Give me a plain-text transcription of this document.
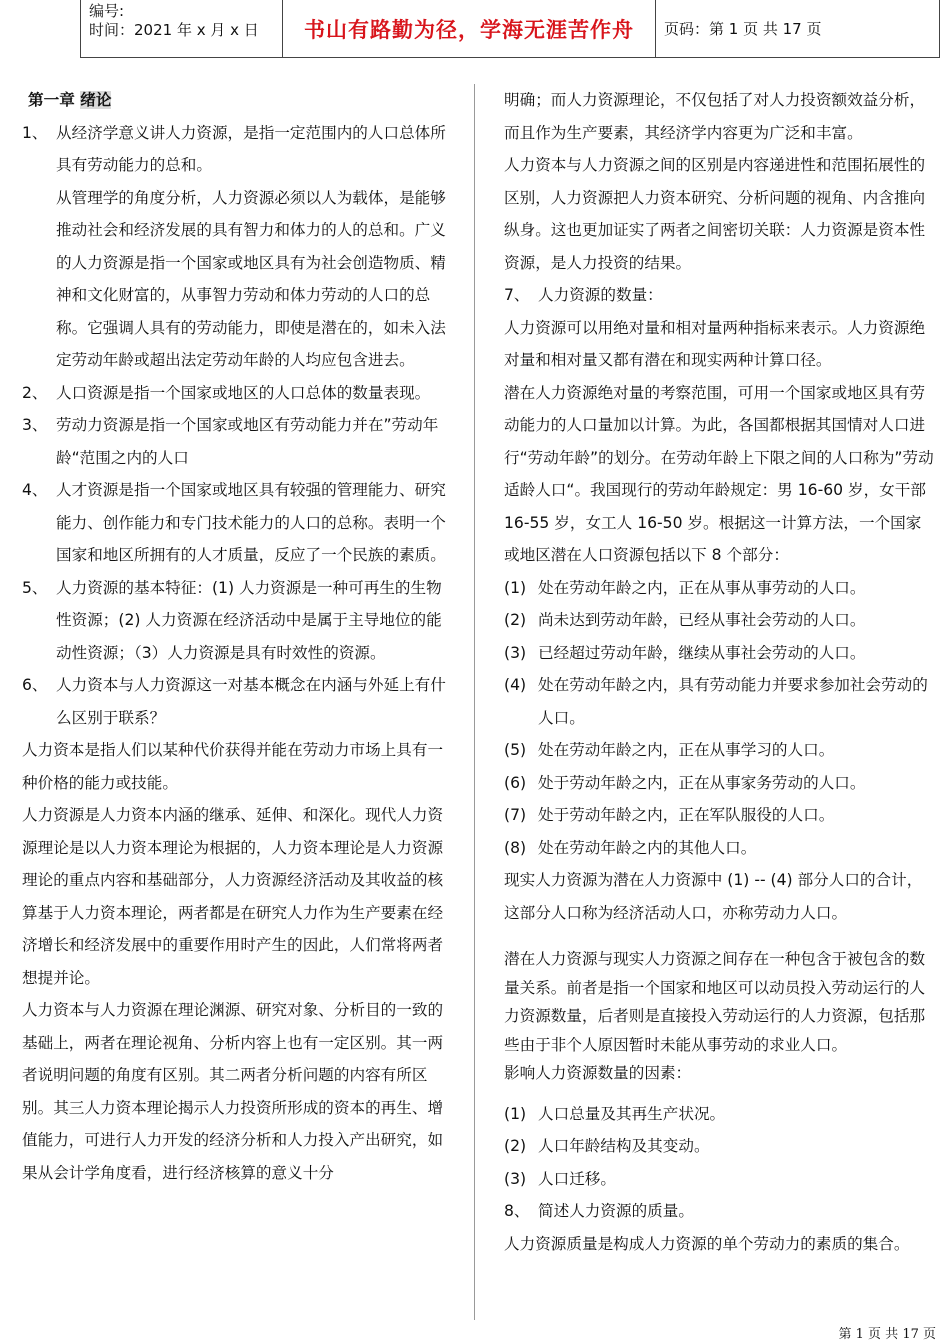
编号:
时间：2021 年 x 月 x 日	书山有路勤为径，学海无涯苦作舟	页码：第 1 页 共 17 页

第一章 绪论

1、 从经济学意义讲人力资源，是指一定范围内的人口总体所具有劳动能力的总和。

从管理学的角度分析，人力资源必须以人为载体，是能够推动社会和经济发展的具有智力和体力的人的总和。广义的人力资源是指一个国家或地区具有为社会创造物质、精神和文化财富的，从事智力劳动和体力劳动的人口的总称。它强调人具有的劳动能力，即使是潜在的，如未入法定劳动年龄或超出法定劳动年龄的人均应包含进去。

2、 人口资源是指一个国家或地区的人口总体的数量表现。
3、 劳动力资源是指一个国家或地区有劳动能力并在”劳动年龄“范围之内的人口
4、 人才资源是指一个国家或地区具有较强的管理能力、研究能力、创作能力和专门技术能力的人口的总称。表明一个国家和地区所拥有的人才质量，反应了一个民族的素质。
5、 人力资源的基本特征：(1) 人力资源是一种可再生的生物性资源；(2) 人力资源在经济活动中是属于主导地位的能动性资源；（3）人力资源是具有时效性的资源。
6、 人力资本与人力资源这一对基本概念在内涵与外延上有什么区别于联系？

人力资本是指人们以某种代价获得并能在劳动力市场上具有一种价格的能力或技能。

人力资源是人力资本内涵的继承、延伸、和深化。现代人力资源理论是以人力资本理论为根据的，人力资本理论是人力资源理论的重点内容和基础部分，人力资源经济活动及其收益的核算基于人力资本理论，两者都是在研究人力作为生产要素在经济增长和经济发展中的重要作用时产生的因此，人们常将两者想提并论。

人力资本与人力资源在理论渊源、研究对象、分析目的一致的基础上，两者在理论视角、分析内容上也有一定区别。其一两者说明问题的角度有区别。其二两者分析问题的内容有所区别。其三人力资本理论揭示人力投资所形成的资本的再生、增值能力，可进行人力开发的经济分析和人力投入产出研究，如果从会计学角度看，进行经济核算的意义十分

明确；而人力资源理论，不仅包括了对人力投资额效益分析，而且作为生产要素，其经济学内容更为广泛和丰富。

人力资本与人力资源之间的区别是内容递进性和范围拓展性的区别，人力资源把人力资本研究、分析问题的视角、内含推向纵身。这也更加证实了两者之间密切关联：人力资源是资本性资源，是人力投资的结果。

7、 人力资源的数量：

人力资源可以用绝对量和相对量两种指标来表示。人力资源绝对量和相对量又都有潜在和现实两种计算口径。

潜在人力资源绝对量的考察范围，可用一个国家或地区具有劳动能力的人口量加以计算。为此，各国都根据其国情对人口进行“劳动年龄”的划分。在劳动年龄上下限之间的人口称为”劳动适龄人口“。我国现行的劳动年龄规定：男 16-60 岁，女干部 16-55 岁，女工人 16-50 岁。根据这一计算方法，一个国家或地区潜在人口资源包括以下 8 个部分：

(1) 处在劳动年龄之内，正在从事从事劳动的人口。
(2) 尚未达到劳动年龄，已经从事社会劳动的人口。
(3) 已经超过劳动年龄，继续从事社会劳动的人口。
(4) 处在劳动年龄之内，具有劳动能力并要求参加社会劳动的人口。
(5) 处在劳动年龄之内，正在从事学习的人口。
(6) 处于劳动年龄之内，正在从事家务劳动的人口。
(7) 处于劳动年龄之内，正在军队服役的人口。
(8) 处在劳动年龄之内的其他人口。

现实人力资源为潜在人力资源中 (1) -- (4) 部分人口的合计，这部分人口称为经济活动人口，亦称劳动力人口。

潜在人力资源与现实人力资源之间存在一种包含于被包含的数量关系。前者是指一个国家和地区可以动员投入劳动运行的人力资源数量，后者则是直接投入劳动运行的人力资源，包括那些由于非个人原因暂时未能从事劳动的求业人口。

影响人力资源数量的因素：

(1) 人口总量及其再生产状况。
(2) 人口年龄结构及其变动。
(3) 人口迁移。
8、 简述人力资源的质量。

人力资源质量是构成人力资源的单个劳动力的素质的集合。

第 1 页 共 17 页
